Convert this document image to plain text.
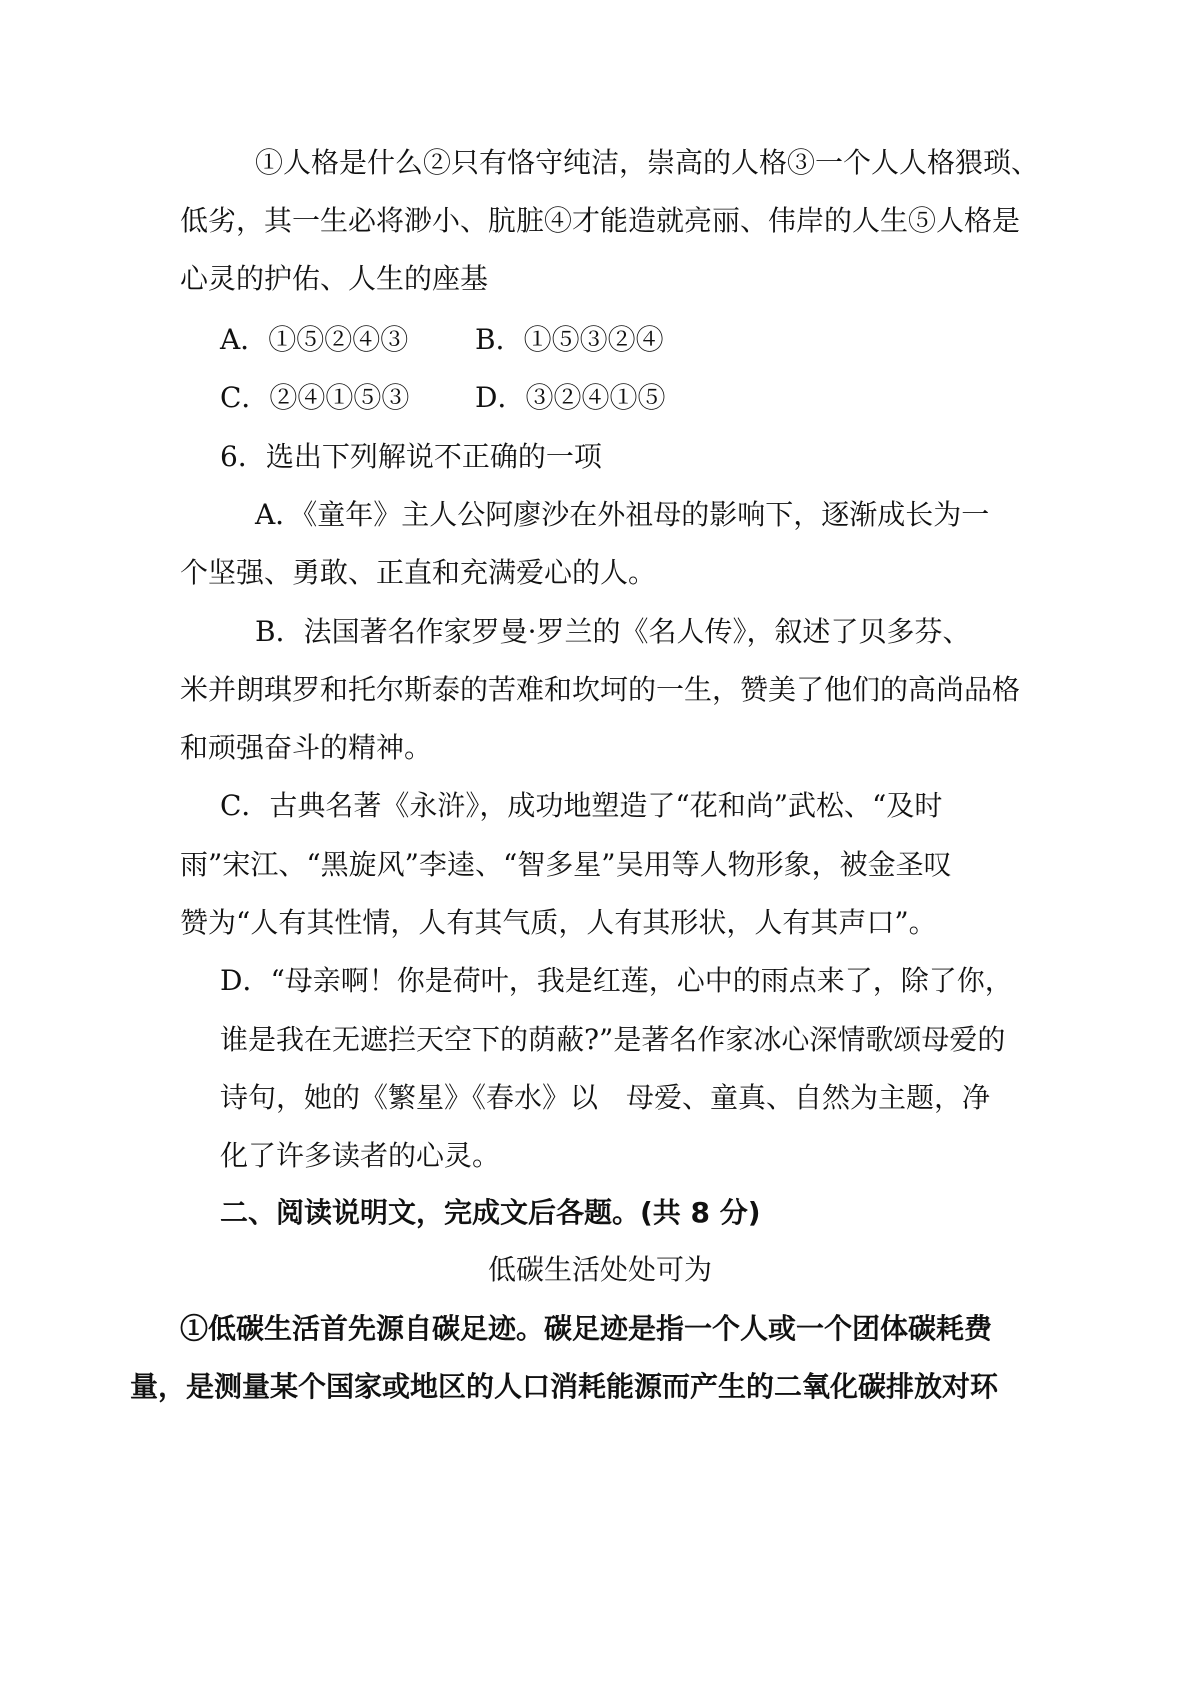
①人格是什么②只有恪守纯洁，崇高的人格③一个人人格猥琐、
低劣，其一生必将渺小、肮脏④才能造就亮丽、伟岸的人生⑤人格是
心灵的护佑、人生的座基
A．①⑤②④③ B．①⑤③②④
C．②④①⑤③ D．③②④①⑤
6．选出下列解说不正确的一项
A．《童年》主人公阿廖沙在外祖母的影响下，逐渐成长为一
个坚强、勇敢、正直和充满爱心的人。
B．法国著名作家罗曼·罗兰的《名人传》，叙述了贝多芬、
米并朗琪罗和托尔斯泰的苦难和坎坷的一生，赞美了他们的高尚品格
和顽强奋斗的精神。
C．古典名著《永浒》，成功地塑造了“花和尚”武松、“及时
雨”宋江、“黑旋风”李逵、“智多星”吴用等人物形象，被金圣叹
赞为“人有其性情，人有其气质，人有其形状，人有其声口”。
D．“母亲啊！你是荷叶，我是红莲，心中的雨点来了，除了你，
谁是我在无遮拦天空下的荫蔽?”是著名作家冰心深情歌颂母爱的
诗句，她的《繁星》《春水》以　母爱、童真、自然为主题，净
化了许多读者的心灵。
二、阅读说明文，完成文后各题。(共 8 分)
低碳生活处处可为
①低碳生活首先源自碳足迹。碳足迹是指一个人或一个团体碳耗费
量，是测量某个国家或地区的人口消耗能源而产生的二氧化碳排放对环
